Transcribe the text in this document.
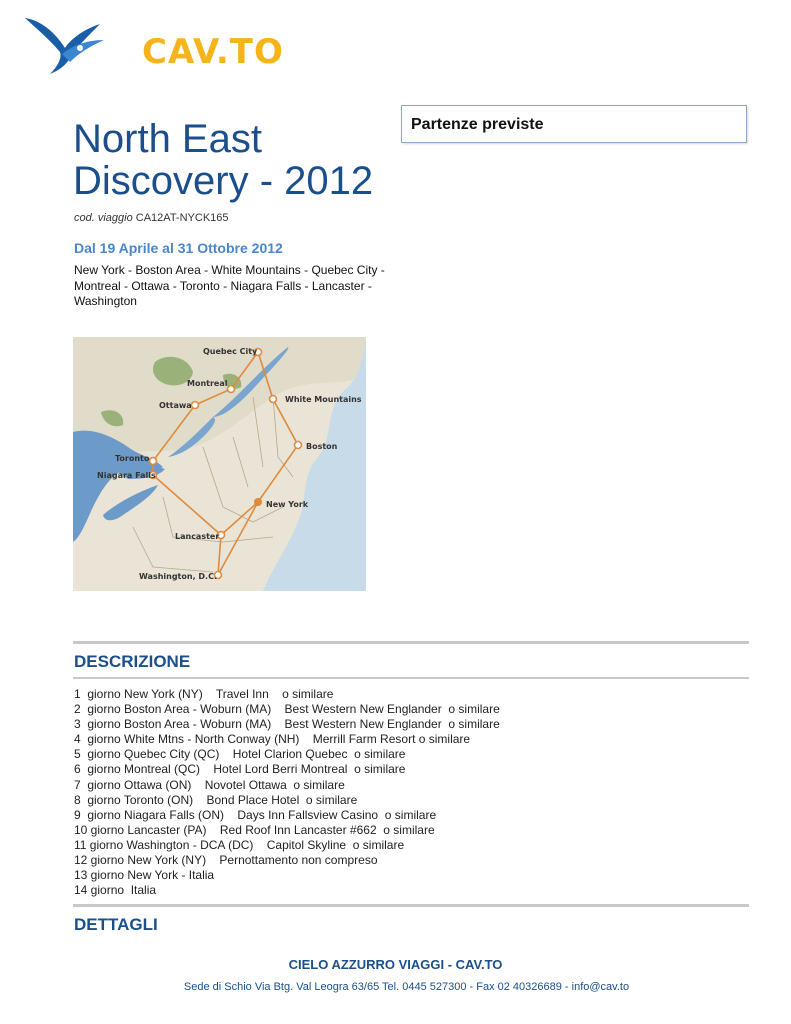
CAV.TO
North East
Discovery - 2012
cod. viaggio CA12AT-NYCK165
Dal 19 Aprile al 31 Ottobre 2012
New York - Boston Area - White Mountains - Quebec City - Montreal - Ottawa - Toronto - Niagara Falls - Lancaster - Washington
Partenze previste
Quebec City
Montreal
Ottawa
White Mountains
Boston
Toronto
Niagara Falls
New York
Lancaster
Washington, D.C.
DESCRIZIONE
1  giorno New York (NY)    Travel Inn    o similare
2  giorno Boston Area - Woburn (MA)    Best Western New Englander  o similare
3  giorno Boston Area - Woburn (MA)    Best Western New Englander  o similare
4  giorno White Mtns - North Conway (NH)    Merrill Farm Resort o similare
5  giorno Quebec City (QC)    Hotel Clarion Quebec  o similare
6  giorno Montreal (QC)    Hotel Lord Berri Montreal  o similare
7  giorno Ottawa (ON)    Novotel Ottawa  o similare
8  giorno Toronto (ON)    Bond Place Hotel  o similare
9  giorno Niagara Falls (ON)    Days Inn Fallsview Casino  o similare
10 giorno Lancaster (PA)    Red Roof Inn Lancaster #662  o similare
11 giorno Washington - DCA (DC)    Capitol Skyline  o similare
12 giorno New York (NY)    Pernottamento non compreso
13 giorno New York - Italia
14 giorno  Italia
DETTAGLI
CIELO AZZURRO VIAGGI - CAV.TO
Sede di Schio Via Btg. Val Leogra 63/65 Tel. 0445 527300 - Fax 02 40326689 - info@cav.to
